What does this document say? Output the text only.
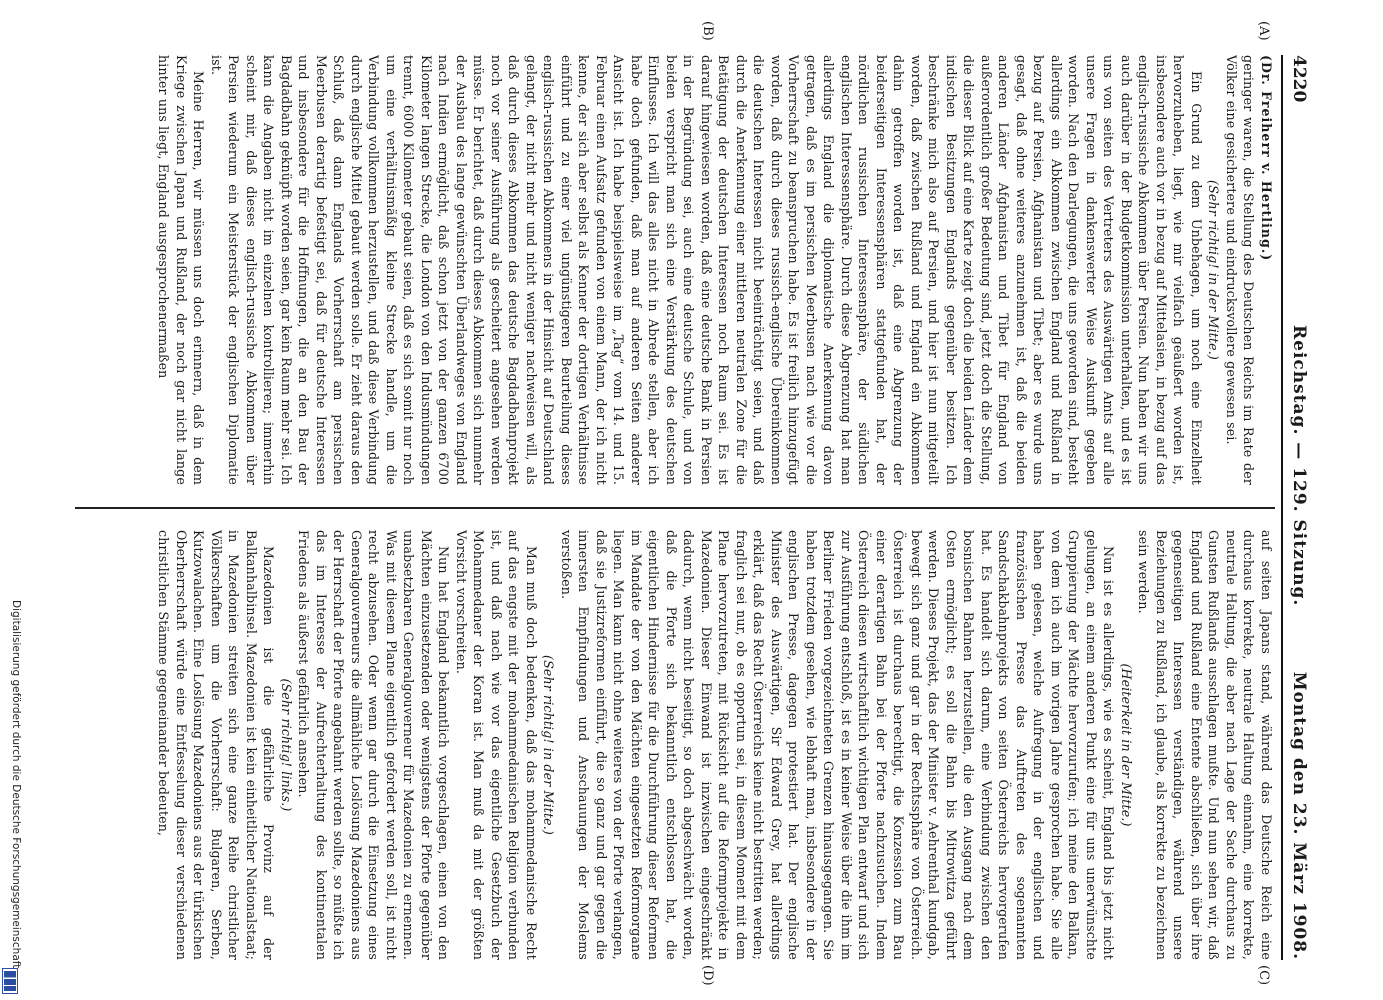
4220
Reichstag. — 129. Sitzung.
Montag den 23. März 1908.
(A)
(B)
(C)
(D)

(Dr. Freiherr v. Hertling.)

geringer waren, die Stellung des Deutschen Reichs im Rate der Völker eine gesichertere und eindrucksvollere gewesen sei.

(Sehr richtig! in der Mitte.)

Ein Grund zu dem Unbehagen, um noch eine Einzelheit hervorzuheben, liegt, wie mir vielfach geäußert worden ist, insbesondere auch vor in bezug auf Mittelasien, in bezug auf das englisch-russische Abkommen über Persien. Nun haben wir uns auch darüber in der Budgetkommission unterhalten, und es ist uns von seiten des Vertreters des Auswärtigen Amts auf alle unsere Fragen in dankenswerter Weise Auskunft gegeben worden. Nach den Darlegungen, die uns geworden sind, besteht allerdings ein Abkommen zwischen England und Rußland in bezug auf Persien, Afghanistan und Tibet; aber es wurde uns gesagt, daß ohne weiteres anzunehmen ist, daß die beiden anderen Länder Afghanistan und Tibet für England von außerordentlich großer Bedeutung sind, jetzt doch die Stellung, die dieser Blick auf eine Karte zeigt doch die beiden Länder dem indischen Besitzungen Englands gegenüber besitzen. Ich beschränke mich also auf Persien, und hier ist nun mitgeteilt worden, daß zwischen Rußland und England ein Abkommen dahin getroffen worden ist, daß eine Abgrenzung der beiderseitigen Interessensphären stattgefunden hat, der nördlichen russischen Interessensphäre, der südlichen englischen Interessensphäre. Durch diese Abgrenzung hat man allerdings England die diplomatische Anerkennung davon getragen, daß es im persischen Meerbusen nach wie vor die Vorherrschaft zu beanspruchen habe. Es ist freilich hinzugefügt worden, daß durch dieses russisch-englische Übereinkommen die deutschen Interessen nicht beeinträchtigt seien, und daß durch die Anerkennung einer mittleren neutralen Zone für die Betätigung der deutschen Interessen noch Raum sei. Es ist darauf hingewiesen worden, daß eine deutsche Bank in Persien in der Begründung sei, auch eine deutsche Schule, und von beiden verspricht man sich eine Verstärkung des deutschen Einflusses. Ich will das alles nicht in Abrede stellen, aber ich habe doch gefunden, daß man auf anderen Seiten anderer Ansicht ist. Ich habe beispielsweise im „Tag“ vom 14. und 15. Februar einen Aufsatz gefunden von einem Mann, der ich nicht kenne, der sich aber selbst als Kenner der dortigen Verhältnisse einführt und zu einer viel ungünstigeren Beurteilung dieses englisch-russischen Abkommens in der Hinsicht auf Deutschland gelangt, der nicht mehr und nicht weniger nachweisen will, als daß durch dieses Abkommen das deutsche Bagdadbahnprojekt noch vor seiner Ausführung als gescheitert angesehen werden müsse. Er berichtet, daß durch dieses Abkommen sich nunmehr der Ausbau des lange gewünschten Überlandweges von England nach Indien ermöglicht, daß schon jetzt von der ganzen 6700 Kilometer langen Strecke, die London von den Indusmündungen trennt, 6000 Kilometer gebaut seien, daß es sich somit nur noch um eine verhältnismäßig kleine Strecke handle, um die Verbindung vollkommen herzustellen, und daß diese Verbindung durch englische Mittel gebaut werden solle. Er zieht daraus den Schluß, daß dann Englands Vorherrschaft am persischen Meerbusen derartig befestigt sei, daß für deutsche Interessen und insbesondere für die Hoffnungen, die an den Bau der Bagdadbahn geknüpft worden seien, gar kein Raum mehr sei. Ich kann die Angaben nicht im einzelnen kontrollieren; immerhin scheint mir, daß dieses englisch-russische Abkommen über Persien wiederum ein Meisterstück der englischen Diplomatie ist.

Meine Herren, wir müssen uns doch erinnern, daß in dem Kriege zwischen Japan und Rußland, der noch gar nicht lange hinter uns liegt, England ausgesprochenermaßen

auf seiten Japans stand, während das Deutsche Reich eine durchaus korrekte, neutrale Haltung einnahm, eine korrekte, neutrale Haltung, die aber nach Lage der Sache durchaus zu Gunsten Rußlands ausschlagen mußte. Und nun sehen wir, daß England und Rußland eine Entente abschließen, sich über ihre gegenseitigen Interessen verständigen, während unsere Beziehungen zu Rußland, ich glaube, als korrekte zu bezeichnen sein werden.

(Heiterkeit in der Mitte.)

Nun ist es allerdings, wie es scheint, England bis jetzt nicht gelungen, an einem anderen Punkt eine für uns unerwünschte Gruppierung der Mächte hervorzurufen; ich meine den Balkan, von dem ich auch im vorigen Jahre gesprochen habe. Sie alle haben gelesen, welche Aufregung in der englischen und französischen Presse das Auftreten des sogenannten Sandschakbahnprojekts von seiten Österreichs hervorgerufen hat. Es handelt sich darum, eine Verbindung zwischen den bosnischen Bahnen herzustellen, die den Ausgang nach dem Osten ermöglicht; es soll die Bahn bis Mitrowitza geführt werden. Dieses Projekt, das der Minister v. Aehrenthal kundgab, bewegt sich ganz und gar in der Rechtssphäre von Österreich. Österreich ist durchaus berechtigt, die Konzession zum Bau einer derartigen Bahn bei der Pforte nachzusuchen. Indem Österreich diesen wirtschaftlich wichtigen Plan entwarf und sich zur Ausführung entschloß, ist es in keiner Weise über die ihm im Berliner Frieden vorgezeichneten Grenzen hinausgegangen. Sie haben trotzdem gesehen, wie lebhaft man, insbesondere in der englischen Presse, dagegen protestiert hat. Der englische Minister des Auswärtigen, Sir Edward Grey, hat allerdings erklärt, daß das Recht Österreichs keine nicht bestritten werden; fraglich sei nur, ob es opportun sei, in diesem Moment mit dem Plane hervorzutreten, mit Rücksicht auf die Reformprojekte in Mazedonien. Dieser Einwand ist inzwischen eingeschränkt dadurch, wenn nicht beseitigt, so doch abgeschwächt worden, daß die Pforte sich bekanntlich entschlossen hat, die eigentlichen Hindernisse für die Durchführung dieser Reformen im Mandate der von den Mächten eingesetzten Reformorgane liegen. Man kann nicht ohne weiteres von der Pforte verlangen, daß sie Justizreformen einführt, die so ganz und gar gegen die innersten Empfindungen und Anschauungen der Moslems verstoßen.

(Sehr richtig! in der Mitte.)

Man muß doch bedenken, daß das mohammedanische Recht auf das engste mit der mohammedanischen Religion verbunden ist, und daß nach wie vor das eigentliche Gesetzbuch der Mohammedaner der Koran ist. Man muß da mit der größten Vorsicht vorschreiten.

Nun hat England bekanntlich vorgeschlagen, einen von den Mächten einzusetzenden oder wenigstens der Pforte gegenüber unabsetzbaren Generalgouverneur für Mazedonien zu ernennen. Was mit diesem Plane eigentlich gefordert werden soll, ist nicht recht abzusehen. Oder wenn gar durch die Einsetzung eines Generalgouverneurs die allmähliche Loslösung Mazedoniens aus der Herrschaft der Pforte angebahnt werden sollte, so müßte ich das im Interesse der Aufrechterhaltung des kontinentalen Friedens als äußerst gefährlich ansehen.

(Sehr richtig! links.)

Mazedonien ist die gefährliche Provinz auf der Balkanhalbinsel. Mazedonien ist kein einheitlicher Nationalstaat; in Mazedonien streiten sich eine ganze Reihe christlicher Völkerschaften um die Vorherrschaft: Bulgaren, Serben, Kutzowalachen. Eine Loslösung Mazedoniens aus der türkischen Oberherrschaft würde eine Entfesselung dieser verschiedenen christlichen Stämme gegeneinander bedeuten,

Digitalisierung gefördert durch die Deutsche Forschungsgemeinschaft
